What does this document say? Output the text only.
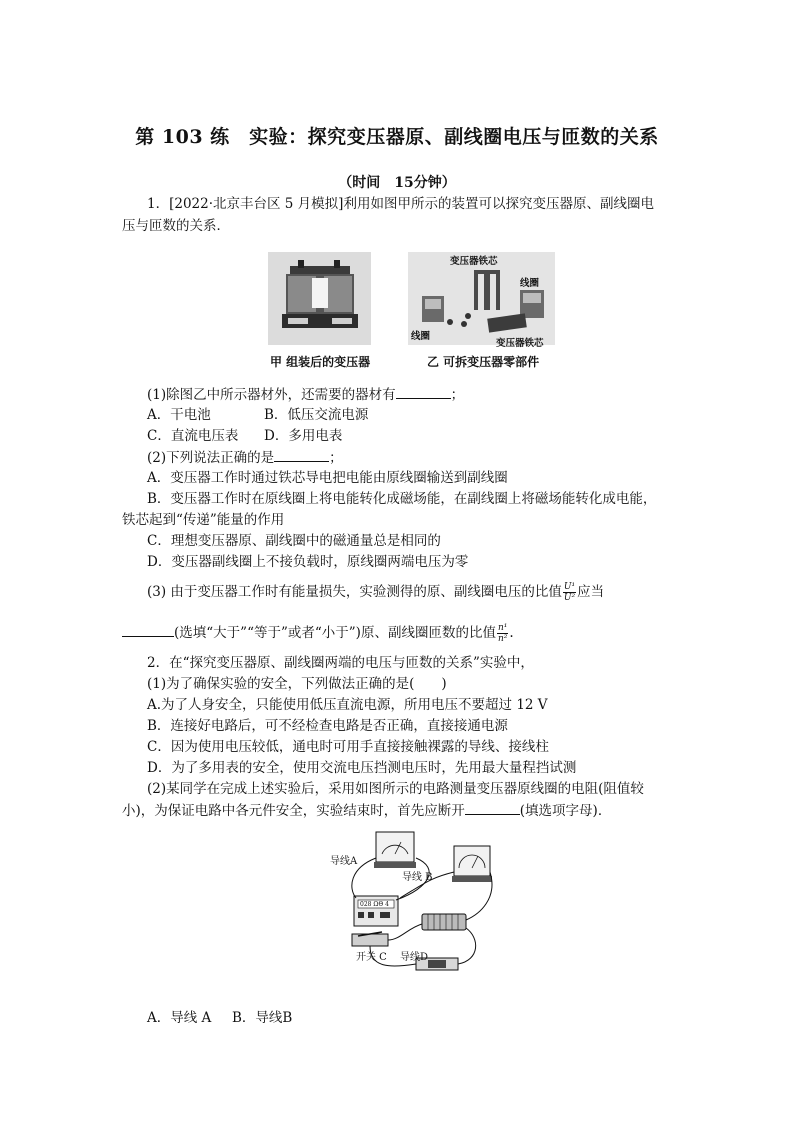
第 103 练　实验：探究变压器原、副线圈电压与匝数的关系
（时间　15分钟）
1．[2022·北京丰台区 5 月模拟]利用如图甲所示的装置可以探究变压器原、副线圈电
压与匝数的关系．
变压器铁芯
线圈
线圈
变压器铁芯
甲 组装后的变压器	乙 可拆变压器零部件
(1)除图乙中所示器材外，还需要的器材有	；
A．干电池	B．低压交流电源
C．直流电压表 D．多用电表
(2)下列说法正确的是	；
A．变压器工作时通过铁芯导电把电能由原线圈输送到副线圈
B．变压器工作时在原线圈上将电能转化成磁场能，在副线圈上将磁场能转化成电能，
铁芯起到“传递”能量的作用
C．理想变压器原、副线圈中的磁通量总是相同的
D．变压器副线圈上不接负载时，原线圈两端电压为零
(3) 由于变压器工作时有能量损失，实验测得的原、副线圈电压的比值 $\frac{\text{U¹}}{\text{U²}}$ 应当
(选填“大于”“等于”或者“小于”)原、副线圈匝数的比值 $\frac{\text{n¹}}{\text{n²}}$ .
2．在“探究变压器原、副线圈两端的电压与匝数的关系”实验中，
(1)为了确保实验的安全，下列做法正确的是(　　)
A.为了人身安全，只能使用低压直流电源，所用电压不要超过 12 V
B．连接好电路后，可不经检查电路是否正确，直接接通电源
C．因为使用电压较低，通电时可用手直接接触裸露的导线、接线柱
D．为了多用表的安全，使用交流电压挡测电压时，先用最大量程挡试测
(2)某同学在完成上述实验后，采用如图所示的电路测量变压器原线圈的电阻(阻值较
小)，为保证电路中各元件安全，实验结束时，首先应断开	(填选项字母)．
导线A
导线 B
028 ΩΘ 4
开关 C 导线D
A．导线 A B．导线B
